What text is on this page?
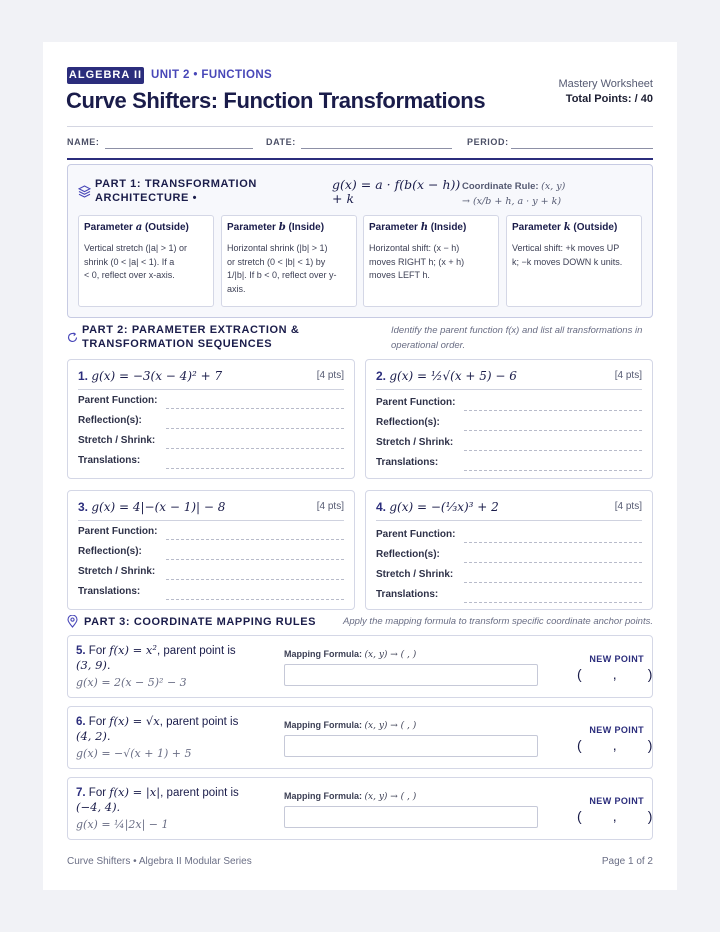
ALGEBRA II UNIT 2 • FUNCTIONS
Curve Shifters: Function Transformations
Mastery Worksheet
Total Points: / 40
NAME:	DATE:	PERIOD:
PART 1: TRANSFORMATION
ARCHITECTURE •
g(x) = a · f(b(x − h))
+ k
Coordinate Rule: (x, y)
→ (x/b + h, a · y + k)
Parameter a (Outside)
Vertical stretch (|a| > 1) or
shrink (0 < |a| < 1). If a
< 0, reflect over x-axis.
Parameter b (Inside)
Horizontal shrink (|b| > 1)
or stretch (0 < |b| < 1) by
1/|b|. If b < 0, reflect over y-
axis.
Parameter h (Inside)
Horizontal shift: (x − h)
moves RIGHT h; (x + h)
moves LEFT h.
Parameter k (Outside)
Vertical shift: +k moves UP
k; −k moves DOWN k units.
PART 2: PARAMETER EXTRACTION &
TRANSFORMATION SEQUENCES
Identify the parent function f(x) and list all transformations in
operational order.
1. g(x) = −3(x − 4)² + 7	[4 pts]
Parent Function:
Reflection(s):
Stretch / Shrink:
Translations:
2. g(x) = ½√(x + 5) − 6	[4 pts]
Parent Function:
Reflection(s):
Stretch / Shrink:
Translations:
3. g(x) = 4|−(x − 1)| − 8	[4 pts]
Parent Function:
Reflection(s):
Stretch / Shrink:
Translations:
4. g(x) = −(⅓x)³ + 2	[4 pts]
Parent Function:
Reflection(s):
Stretch / Shrink:
Translations:
PART 3: COORDINATE MAPPING RULES	Apply the mapping formula to transform specific coordinate anchor points.
5. For f(x) = x², parent point is
(3, 9).
g(x) = 2(x − 5)² − 3
Mapping Formula: (x, y) → ( , )	NEW POINT
(        ,        )
6. For f(x) = √x, parent point is
(4, 2).
g(x) = −√(x + 1) + 5
Mapping Formula: (x, y) → ( , )	NEW POINT
(        ,        )
7. For f(x) = |x|, parent point is
(−4, 4).
g(x) = ¼|2x| − 1
Mapping Formula: (x, y) → ( , )	NEW POINT
(        ,        )
Curve Shifters • Algebra II Modular Series	Page 1 of 2
